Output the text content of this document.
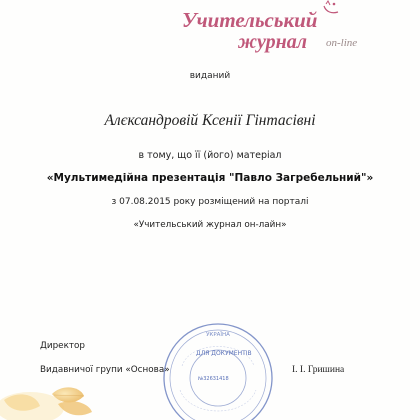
Учительський
журнал on-line
виданий
Алєксандровій Ксенії Гінтасівні
в тому, що її (його) матеріал
«Мультимедійна презентація "Павло Загребельний"»
з 07.08.2015 року розміщений на порталі
«Учительський журнал он-лайн»
Директор
Видавничої групи «Основа»	І. І. Гришина
УКРАЇНА
ДЛЯ ДОКУМЕНТІВ
№32631418
